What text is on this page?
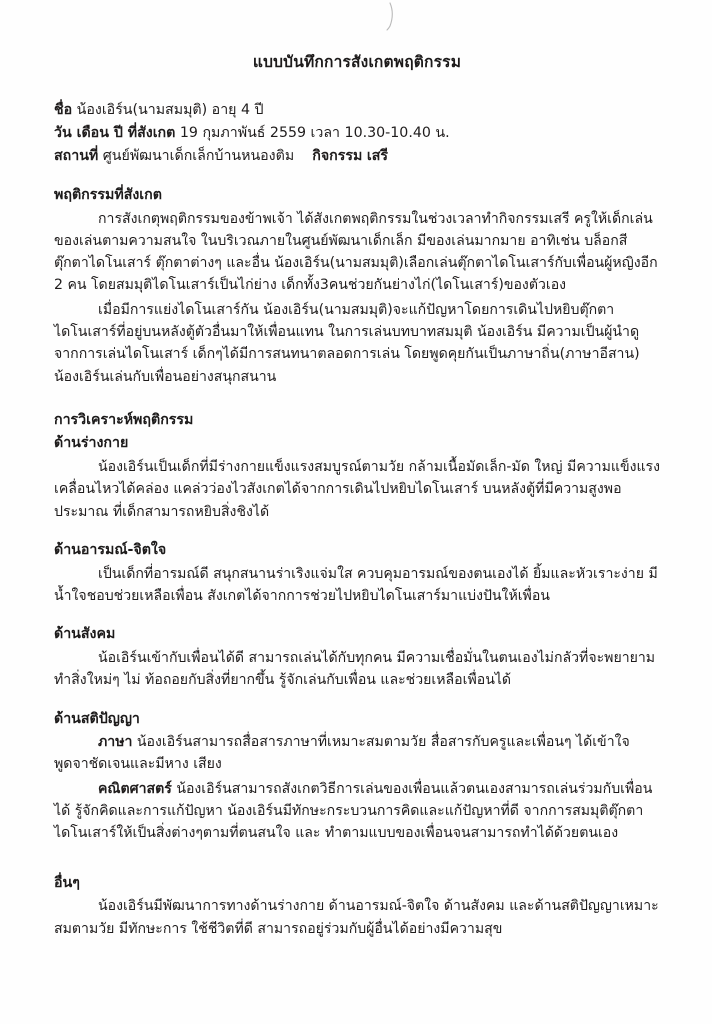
แบบบันทึกการสังเกตพฤติกรรม
ชื่อ น้องเอิร์น(นามสมมุติ) อายุ 4 ปี
วัน เดือน ปี ที่สังเกต 19 กุมภาพันธ์ 2559 เวลา 10.30-10.40 น.
สถานที่ ศูนย์พัฒนาเด็กเล็กบ้านหนองติม กิจกรรม เสรี
พฤติกรรมที่สังเกต

การสังเกตุพฤติกรรมของข้าพเจ้า ได้สังเกตพฤติกรรมในช่วงเวลาทำกิจกรรมเสรี ครูให้เด็กเล่นของเล่นตามความสนใจ ในบริเวณภายในศูนย์พัฒนาเด็กเล็ก มีของเล่นมากมาย อาทิเช่น บล็อกสี ตุ๊กตาไดโนเสาร์ ตุ๊กตาต่างๆ และอื่น น้องเอิร์น(นามสมมุติ)เลือกเล่นตุ๊กตาไดโนเสาร์กับเพื่อนผู้หญิงอีก 2 คน โดยสมมุติไดโนเสาร์เป็นไก่ย่าง เด็กทั้ง3คนช่วยกันย่างไก่(ไดโนเสาร์)ของตัวเอง

เมื่อมีการแย่งไดโนเสาร์กัน น้องเอิร์น(นามสมมุติ)จะแก้ปัญหาโดยการเดินไปหยิบตุ๊กตาไดโนเสาร์ที่อยู่บนหลังตู้ตัวอื่นมาให้เพื่อนแทน ในการเล่นบทบาทสมมุติ น้องเอิร์น มีความเป็นผู้นำดูจากการเล่นไดโนเสาร์ เด็กๆได้มีการสนทนาตลอดการเล่น โดยพูดคุยกันเป็นภาษาถิ่น(ภาษาอีสาน) น้องเอิร์นเล่นกับเพื่อนอย่างสนุกสนาน

การวิเคราะห์พฤติกรรม
ด้านร่างกาย

น้องเอิร์นเป็นเด็กที่มีร่างกายแข็งแรงสมบูรณ์ตามวัย กล้ามเนื้อมัดเล็ก-มัด ใหญ่ มีความแข็งแรง เคลื่อนไหวได้คล่อง แคล่วว่องไวสังเกตได้จากการเดินไปหยิบไดโนเสาร์ บนหลังตู้ที่มีความสูงพอประมาณ ที่เด็กสามารถหยิบสิ่งชิงได้

ด้านอารมณ์-จิตใจ

เป็นเด็กที่อารมณ์ดี สนุกสนานร่าเริงแจ่มใส ควบคุมอารมณ์ของตนเองได้ ยิ้มและหัวเราะง่าย มีน้ำใจชอบช่วยเหลือเพื่อน สังเกตได้จากการช่วยไปหยิบไดโนเสาร์มาแบ่งปันให้เพื่อน

ด้านสังคม

น้อเอิร์นเข้ากับเพื่อนได้ดี สามารถเล่นได้กับทุกคน มีความเชื่อมั่นในตนเองไม่กลัวที่จะพยายามทำสิ่งใหม่ๆ ไม่ ท้อถอยกับสิ่งที่ยากขึ้น รู้จักเล่นกับเพื่อน และช่วยเหลือเพื่อนได้

ด้านสติปัญญา

ภาษา น้องเอิร์นสามารถสื่อสารภาษาที่เหมาะสมตามวัย สื่อสารกับครูและเพื่อนๆ ได้เข้าใจ พูดจาชัดเจนและมีหาง เสียง

คณิตศาสตร์ น้องเอิร์นสามารถสังเกตวิธีการเล่นของเพื่อนแล้วตนเองสามารถเล่นร่วมกับเพื่อนได้ รู้จักคิดและการแก้ปัญหา น้องเอิร์นมีทักษะกระบวนการคิดและแก้ปัญหาที่ดี จากการสมมุติตุ๊กตาไดโนเสาร์ให้เป็นสิ่งต่างๆตามที่ตนสนใจ และ ทำตามแบบของเพื่อนจนสามารถทำได้ด้วยตนเอง

อื่นๆ

น้องเอิร์นมีพัฒนาการทางด้านร่างกาย ด้านอารมณ์-จิตใจ ด้านสังคม และด้านสติปัญญาเหมาะสมตามวัย มีทักษะการ ใช้ชีวิตที่ดี สามารถอยู่ร่วมกับผู้อื่นได้อย่างมีความสุข
